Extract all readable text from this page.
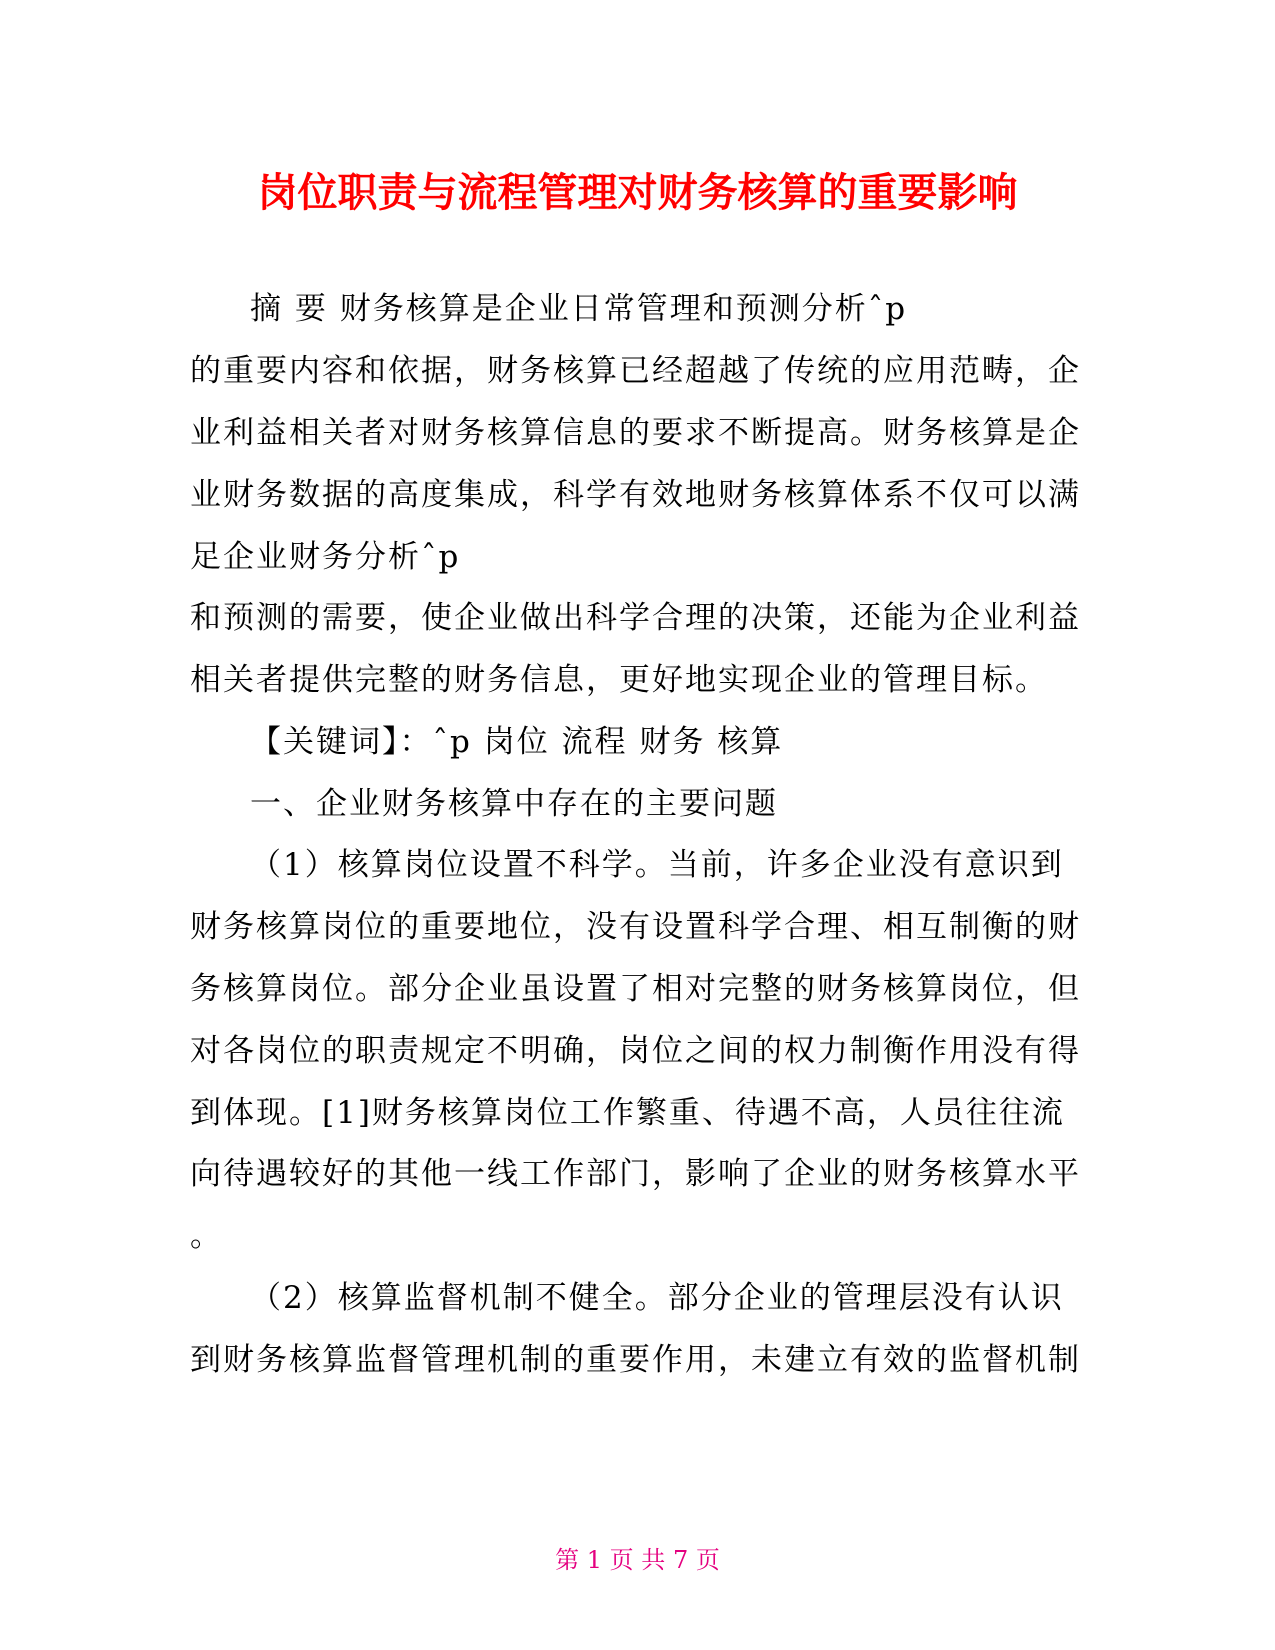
岗位职责与流程管理对财务核算的重要影响
摘 要 财务核算是企业日常管理和预测分析ˆp
的重要内容和依据，财务核算已经超越了传统的应用范畴，企
业利益相关者对财务核算信息的要求不断提高。财务核算是企
业财务数据的高度集成，科学有效地财务核算体系不仅可以满
足企业财务分析ˆp
和预测的需要，使企业做出科学合理的决策，还能为企业利益
相关者提供完整的财务信息，更好地实现企业的管理目标。
【关键词】：ˆp 岗位 流程 财务 核算
一、企业财务核算中存在的主要问题
（1）核算岗位设置不科学。当前，许多企业没有意识到
财务核算岗位的重要地位，没有设置科学合理、相互制衡的财
务核算岗位。部分企业虽设置了相对完整的财务核算岗位，但
对各岗位的职责规定不明确，岗位之间的权力制衡作用没有得
到体现。[1]财务核算岗位工作繁重、待遇不高，人员往往流
向待遇较好的其他一线工作部门，影响了企业的财务核算水平
。
（2）核算监督机制不健全。部分企业的管理层没有认识
到财务核算监督管理机制的重要作用，未建立有效的监督机制
第 1 页 共 7 页
